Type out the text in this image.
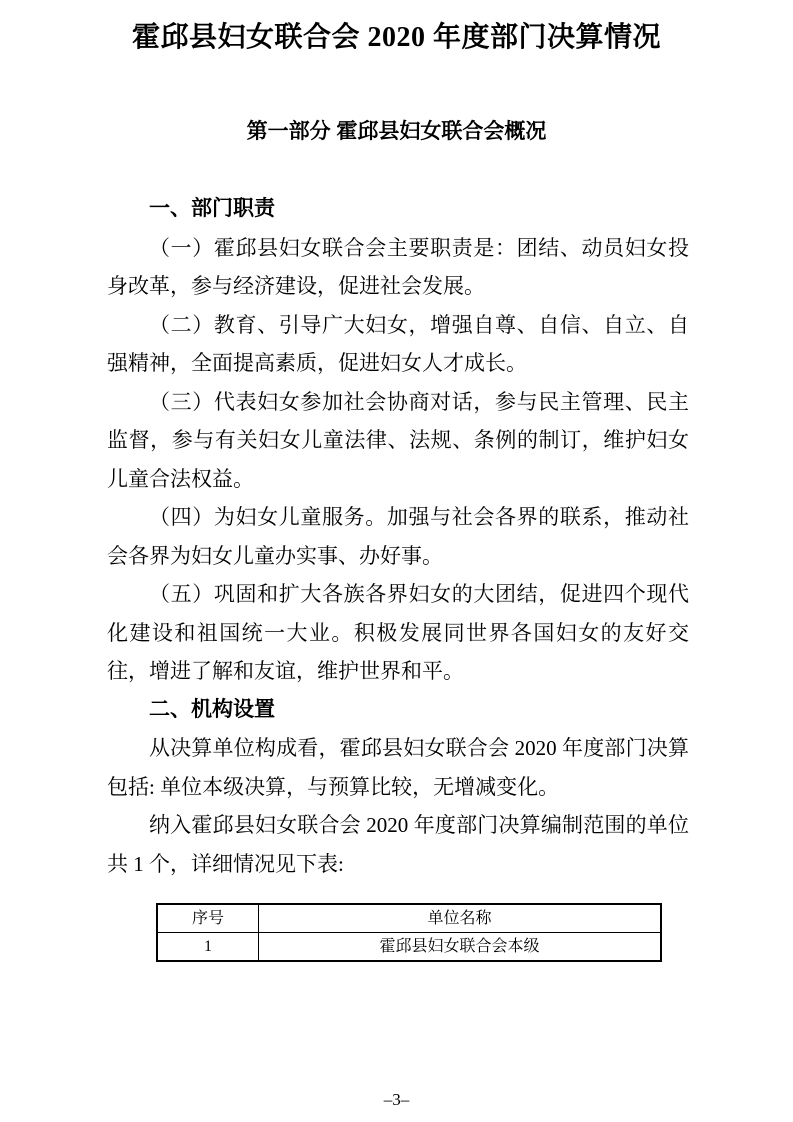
霍邱县妇女联合会 2020 年度部门决算情况
第一部分 霍邱县妇女联合会概况
一、部门职责

（一）霍邱县妇女联合会主要职责是：团结、动员妇女投身改革，参与经济建设，促进社会发展。

（二）教育、引导广大妇女，增强自尊、自信、自立、自强精神，全面提高素质，促进妇女人才成长。

（三）代表妇女参加社会协商对话，参与民主管理、民主监督，参与有关妇女儿童法律、法规、条例的制订，维护妇女儿童合法权益。

（四）为妇女儿童服务。加强与社会各界的联系，推动社会各界为妇女儿童办实事、办好事。

（五）巩固和扩大各族各界妇女的大团结，促进四个现代化建设和祖国统一大业。积极发展同世界各国妇女的友好交往，增进了解和友谊，维护世界和平。

二、机构设置

从决算单位构成看，霍邱县妇女联合会 2020 年度部门决算包括: 单位本级决算，与预算比较，无增减变化。

纳入霍邱县妇女联合会 2020 年度部门决算编制范围的单位共 1 个，详细情况见下表:

序号	单位名称
1	霍邱县妇女联合会本级
–3–
